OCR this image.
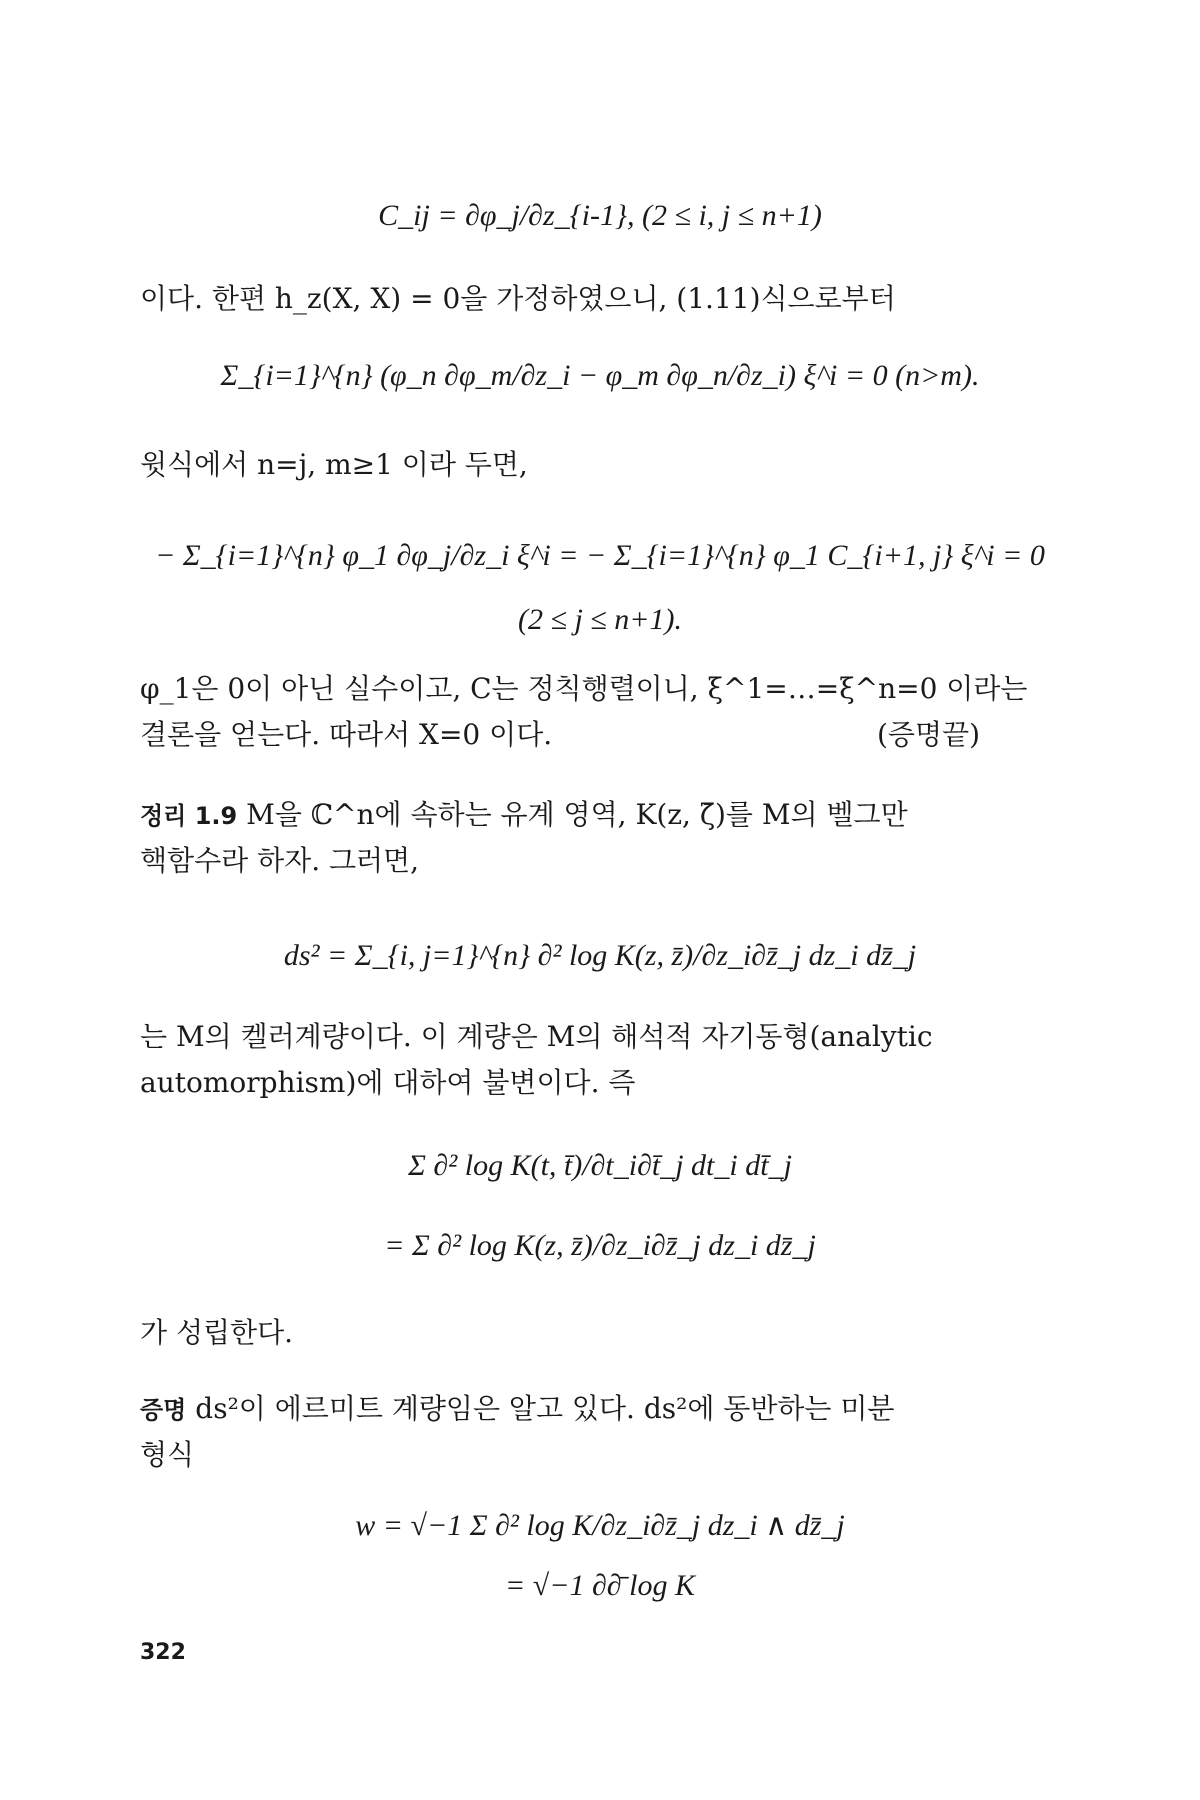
C_ij = ∂φ_j/∂z_{i-1}, (2 ≤ i, j ≤ n+1)
이다. 한편 h_z(X, X) = 0을 가정하였으니, (1.11)식으로부터
Σ_{i=1}^{n} (φ_n ∂φ_m/∂z_i − φ_m ∂φ_n/∂z_i) ξ^i = 0 (n>m).
윗식에서 n=j, m≥1 이라 두면,
− Σ_{i=1}^{n} φ_1 ∂φ_j/∂z_i ξ^i = − Σ_{i=1}^{n} φ_1 C_{i+1, j} ξ^i = 0
(2 ≤ j ≤ n+1).
φ_1은 0이 아닌 실수이고, C는 정칙행렬이니, ξ^1=…=ξ^n=0 이라는
결론을 얻는다. 따라서 X=0 이다.	(증명끝)
정리 1.9 M을 ℂ^n에 속하는 유계 영역, K(z, ζ̄)를 M의 벨그만
핵함수라 하자. 그러면,
ds² = Σ_{i, j=1}^{n} ∂² log K(z, z̄)/∂z_i∂z̄_j dz_i dz̄_j
는 M의 켈러계량이다. 이 계량은 M의 해석적 자기동형(analytic
automorphism)에 대하여 불변이다. 즉
Σ ∂² log K(t, t̄)/∂t_i∂t̄_j dt_i dt̄_j
= Σ ∂² log K(z, z̄)/∂z_i∂z̄_j dz_i dz̄_j
가 성립한다.
증명 ds²이 에르미트 계량임은 알고 있다. ds²에 동반하는 미분
형식
w = √−1 Σ ∂² log K/∂z_i∂z̄_j dz_i ∧ dz̄_j
= √−1 ∂∂̄ log K
322
